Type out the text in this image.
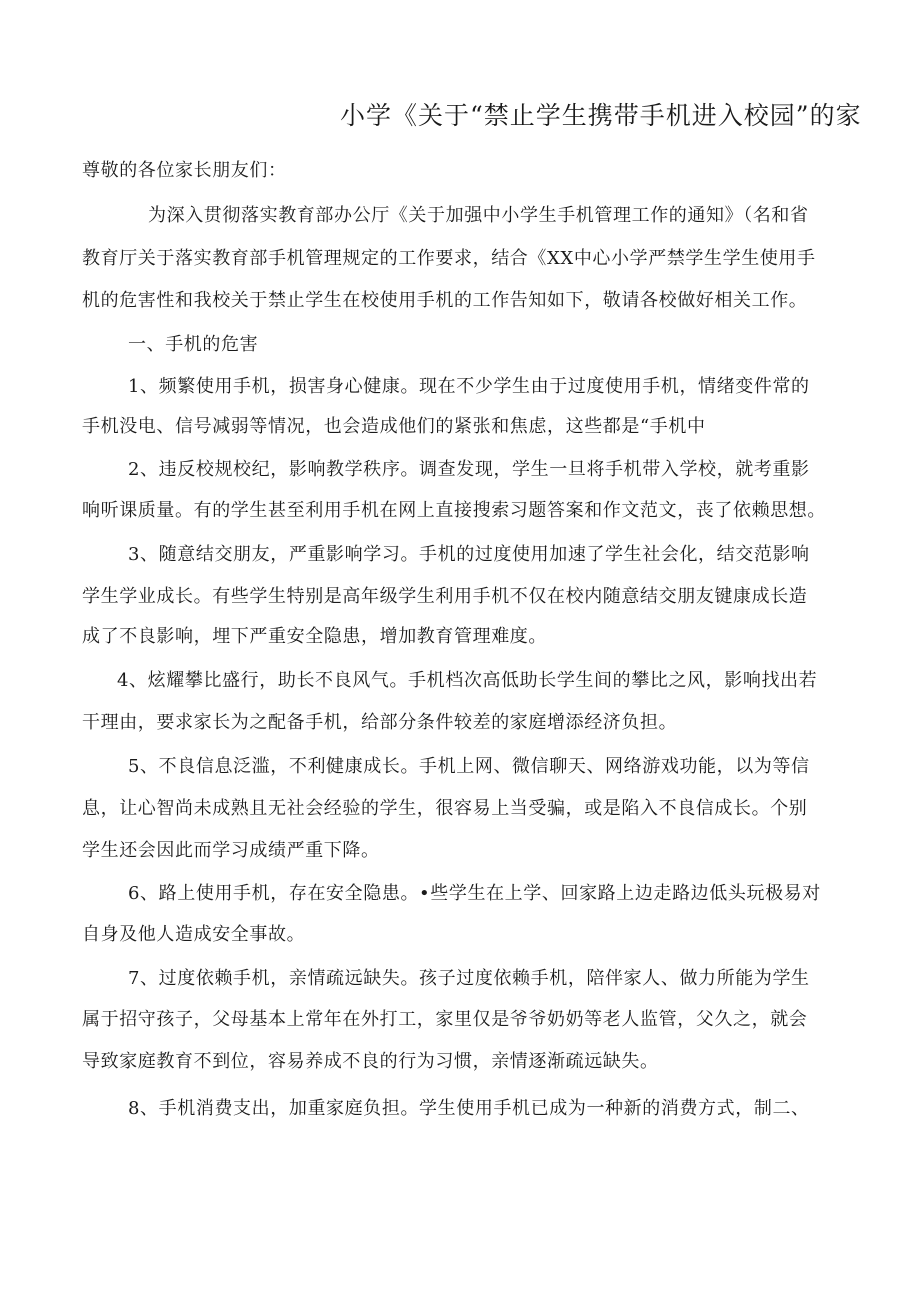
小学《关于“禁止学生携带手机进入校园”的家

尊敬的各位家长朋友们：

为深入贯彻落实教育部办公厅《关于加强中小学生手机管理工作的通知》（名和省

教育厅关于落实教育部手机管理规定的工作要求，结合《XX中心小学严禁学生学生使用手

机的危害性和我校关于禁止学生在校使用手机的工作告知如下，敬请各校做好相关工作。

一、手机的危害

1、频繁使用手机，损害身心健康。现在不少学生由于过度使用手机，情绪变件常的

手机没电、信号减弱等情况，也会造成他们的紧张和焦虑，这些都是“手机中

2、违反校规校纪，影响教学秩序。调查发现，学生一旦将手机带入学校，就考重影

响听课质量。有的学生甚至利用手机在网上直接搜索习题答案和作文范文，丧了依赖思想。

3、随意结交朋友，严重影响学习。手机的过度使用加速了学生社会化，结交范影响

学生学业成长。有些学生特别是高年级学生利用手机不仅在校内随意结交朋友键康成长造

成了不良影响，埋下严重安全隐患，增加教育管理难度。

4、炫耀攀比盛行，助长不良风气。手机档次高低助长学生间的攀比之风，影响找出若

干理由，要求家长为之配备手机，给部分条件较差的家庭增添经济负担。

5、不良信息泛滥，不利健康成长。手机上网、微信聊天、网络游戏功能，以为等信

息，让心智尚未成熟且无社会经验的学生，很容易上当受骗，或是陷入不良信成长。个别

学生还会因此而学习成绩严重下降。

6、路上使用手机，存在安全隐患。•些学生在上学、回家路上边走路边低头玩极易对

自身及他人造成安全事故。

7、过度依赖手机，亲情疏远缺失。孩子过度依赖手机，陪伴家人、做力所能为学生

属于招守孩子，父母基本上常年在外打工，家里仅是爷爷奶奶等老人监管，父久之，就会

导致家庭教育不到位，容易养成不良的行为习惯，亲情逐渐疏远缺失。

8、手机消费支出，加重家庭负担。学生使用手机已成为一种新的消费方式，制二、
